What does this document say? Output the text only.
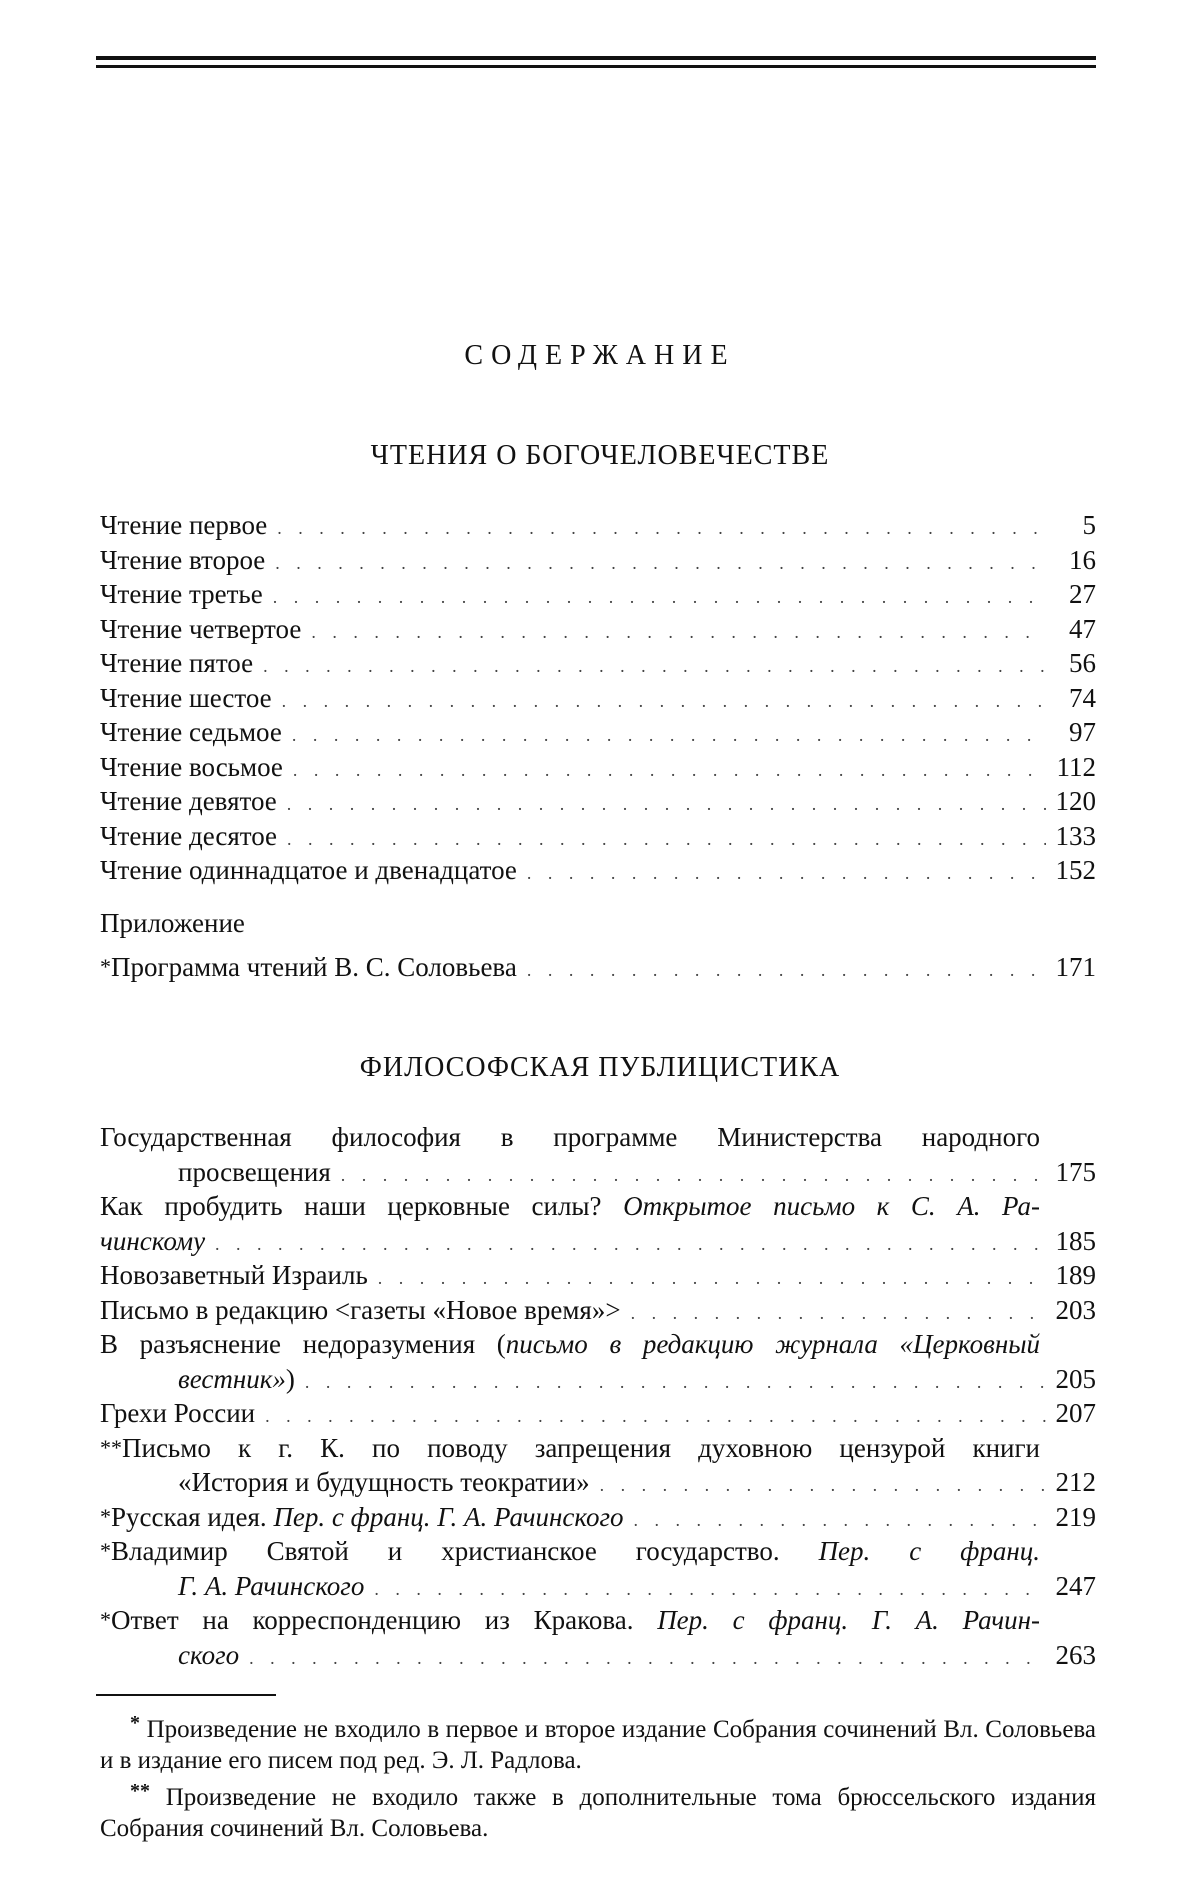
СОДЕРЖАНИЕ
ЧТЕНИЯ О БОГОЧЕЛОВЕЧЕСТВЕ
Чтение первое . . .	5
Чтение второе . . .	16
Чтение третье . . .	27
Чтение четвертое . . .	47
Чтение пятое . . .	56
Чтение шестое . . .	74
Чтение седьмое . . .	97
Чтение восьмое . . .	112
Чтение девятое . . .	120
Чтение десятое . . .	133
Чтение одиннадцатое и двенадцатое . . .	152
Приложение
*Программа чтений В. С. Соловьева . . .	171
ФИЛОСОФСКАЯ ПУБЛИЦИСТИКА
Государственная философия в программе Министерства народного
просвещения . . .	175
Как пробудить наши церковные силы? Открытое письмо к С. А. Ра-
чинскому . . .	185
Новозаветный Израиль . . .	189
Письмо в редакцию <газеты «Новое время»> . . .	203
В разъяснение недоразумения (письмо в редакцию журнала «Церковный
вестник») . . .	205
Грехи России . . .	207
**Письмо к г. К. по поводу запрещения духовною цензурой книги
«История и будущность теократии» . . .	212
*Русская идея. Пер. с франц. Г. А. Рачинского . . .	219
*Владимир Святой и христианское государство. Пер. с франц.
Г. А. Рачинского . . .	247
*Ответ на корреспонденцию из Кракова. Пер. с франц. Г. А. Рачин-
ского . . .	263

* Произведение не входило в первое и второе издание Собрания сочинений Вл. Соловьева и в издание его писем под ред. Э. Л. Радлова.

** Произведение не входило также в дополнительные тома брюссельского издания Собрания сочинений Вл. Соловьева.
